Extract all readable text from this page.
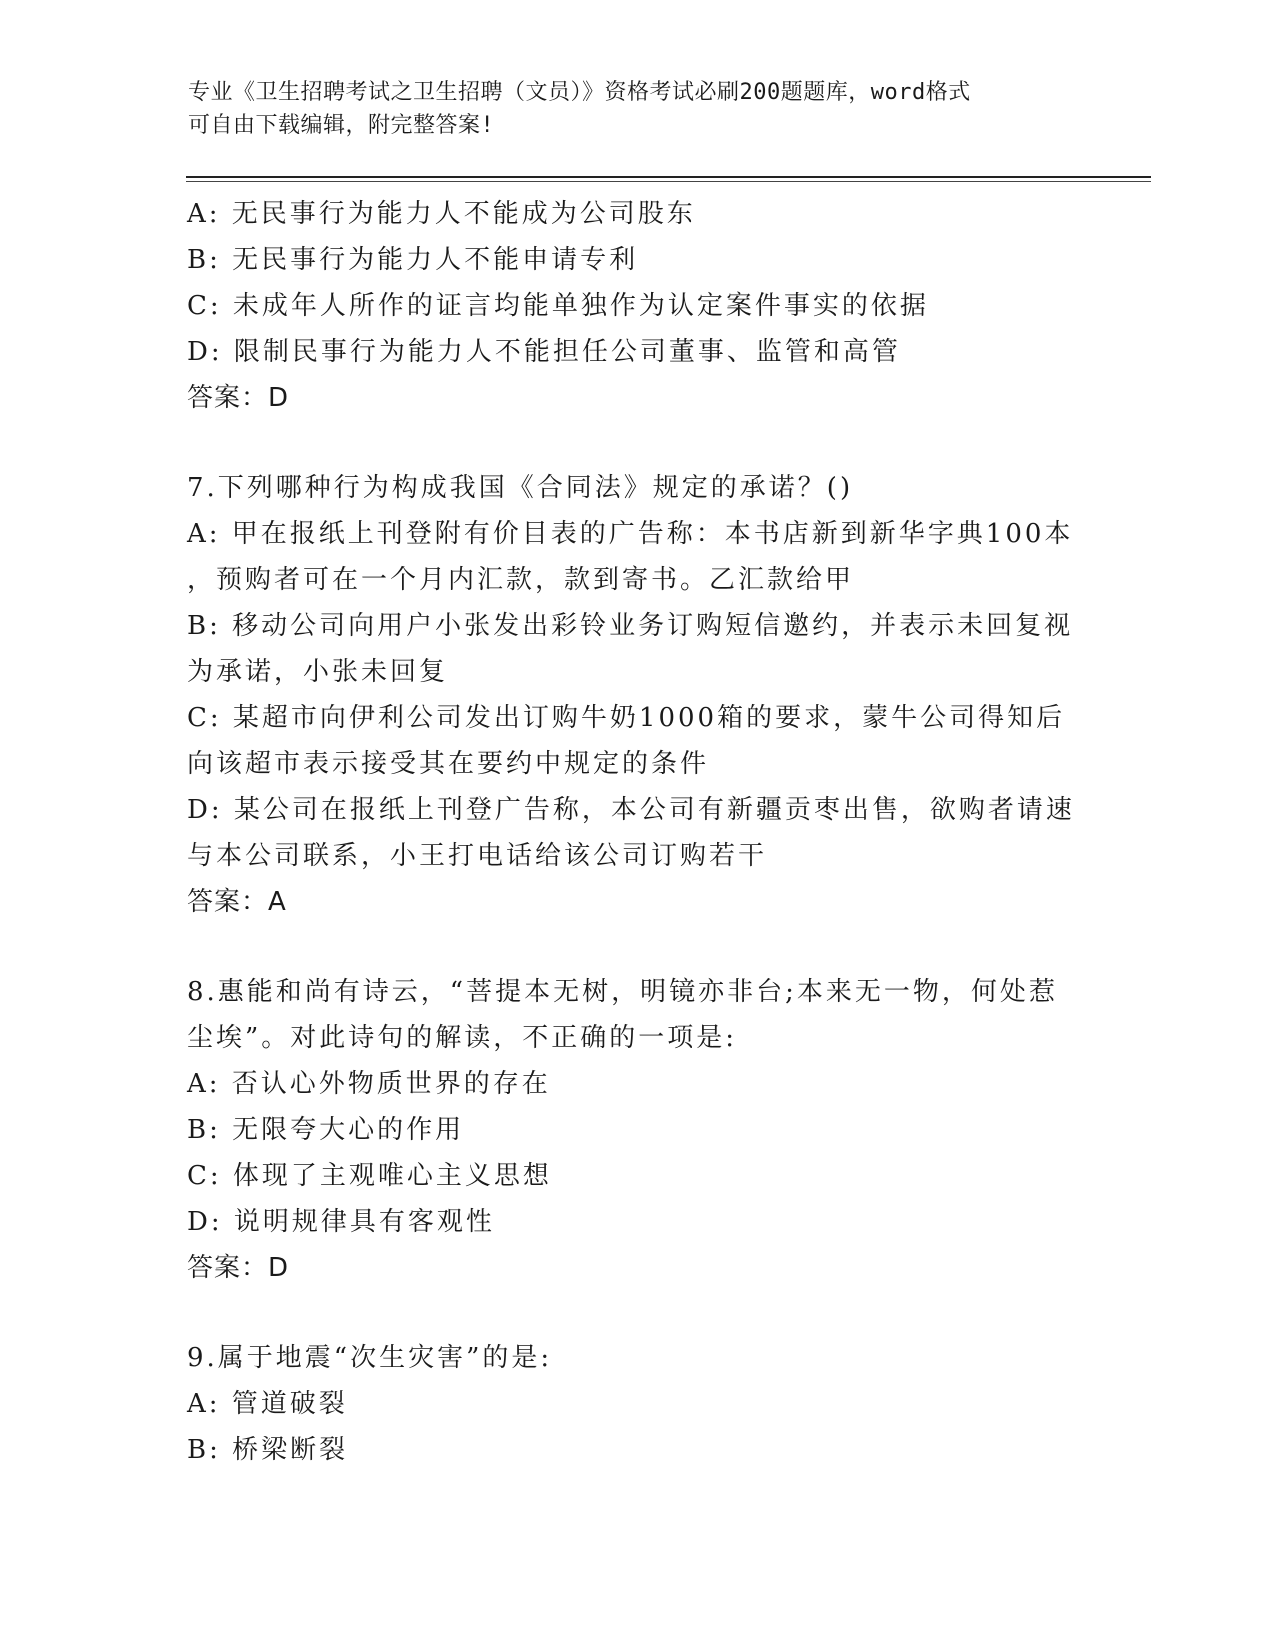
专业《卫生招聘考试之卫生招聘（文员）》资格考试必刷200题题库，word格式
可自由下载编辑，附完整答案!
A: 无民事行为能力人不能成为公司股东
B: 无民事行为能力人不能申请专利
C: 未成年人所作的证言均能单独作为认定案件事实的依据
D: 限制民事行为能力人不能担任公司董事、监管和高管
答案：D
7.下列哪种行为构成我国《合同法》规定的承诺？()
A: 甲在报纸上刊登附有价目表的广告称：本书店新到新华字典100本
，预购者可在一个月内汇款，款到寄书。乙汇款给甲
B: 移动公司向用户小张发出彩铃业务订购短信邀约，并表示未回复视
为承诺，小张未回复
C: 某超市向伊利公司发出订购牛奶1000箱的要求，蒙牛公司得知后
向该超市表示接受其在要约中规定的条件
D: 某公司在报纸上刊登广告称，本公司有新疆贡枣出售，欲购者请速
与本公司联系，小王打电话给该公司订购若干
答案：A
8.惠能和尚有诗云，“菩提本无树，明镜亦非台;本来无一物，何处惹
尘埃”。对此诗句的解读，不正确的一项是:
A: 否认心外物质世界的存在
B: 无限夸大心的作用
C: 体现了主观唯心主义思想
D: 说明规律具有客观性
答案：D
9.属于地震“次生灾害”的是:
A: 管道破裂
B: 桥梁断裂
